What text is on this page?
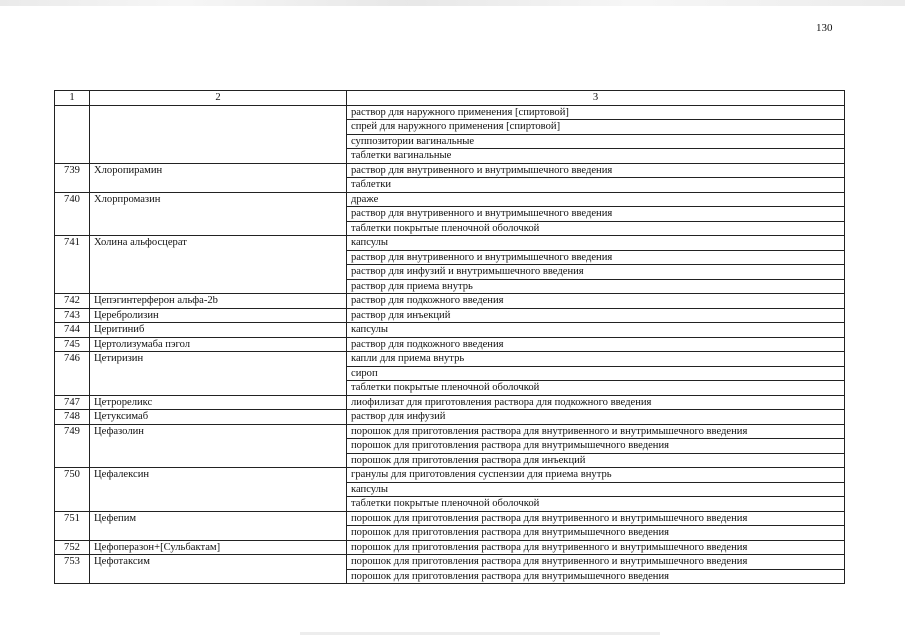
130
1	2	3
		раствор для наружного применения [спиртовой]
		спрей для наружного применения [спиртовой]
		суппозитории вагинальные
		таблетки вагинальные
739	Хлоропирамин	раствор для внутривенного и внутримышечного введения
		таблетки
740	Хлорпромазин	драже
		раствор для внутривенного и внутримышечного введения
		таблетки покрытые пленочной оболочкой
741	Холина альфосцерат	капсулы
		раствор для внутривенного и внутримышечного введения
		раствор для инфузий и внутримышечного введения
		раствор для приема внутрь
742	Цепэгинтерферон альфа-2b	раствор для подкожного введения
743	Церебролизин	раствор для инъекций
744	Церитиниб	капсулы
745	Цертолизумаба пэгол	раствор для подкожного введения
746	Цетиризин	капли для приема внутрь
		сироп
		таблетки покрытые пленочной оболочкой
747	Цетрореликс	лиофилизат для приготовления раствора для подкожного введения
748	Цетуксимаб	раствор для инфузий
749	Цефазолин	порошок для приготовления раствора для внутривенного и внутримышечного введения
		порошок для приготовления раствора для внутримышечного введения
		порошок для приготовления раствора для инъекций
750	Цефалексин	гранулы для приготовления суспензии для приема внутрь
		капсулы
		таблетки покрытые пленочной оболочкой
751	Цефепим	порошок для приготовления раствора для внутривенного и внутримышечного введения
		порошок для приготовления раствора для внутримышечного введения
752	Цефоперазон+[Сульбактам]	порошок для приготовления раствора для внутривенного и внутримышечного введения
753	Цефотаксим	порошок для приготовления раствора для внутривенного и внутримышечного введения
		порошок для приготовления раствора для внутримышечного введения
